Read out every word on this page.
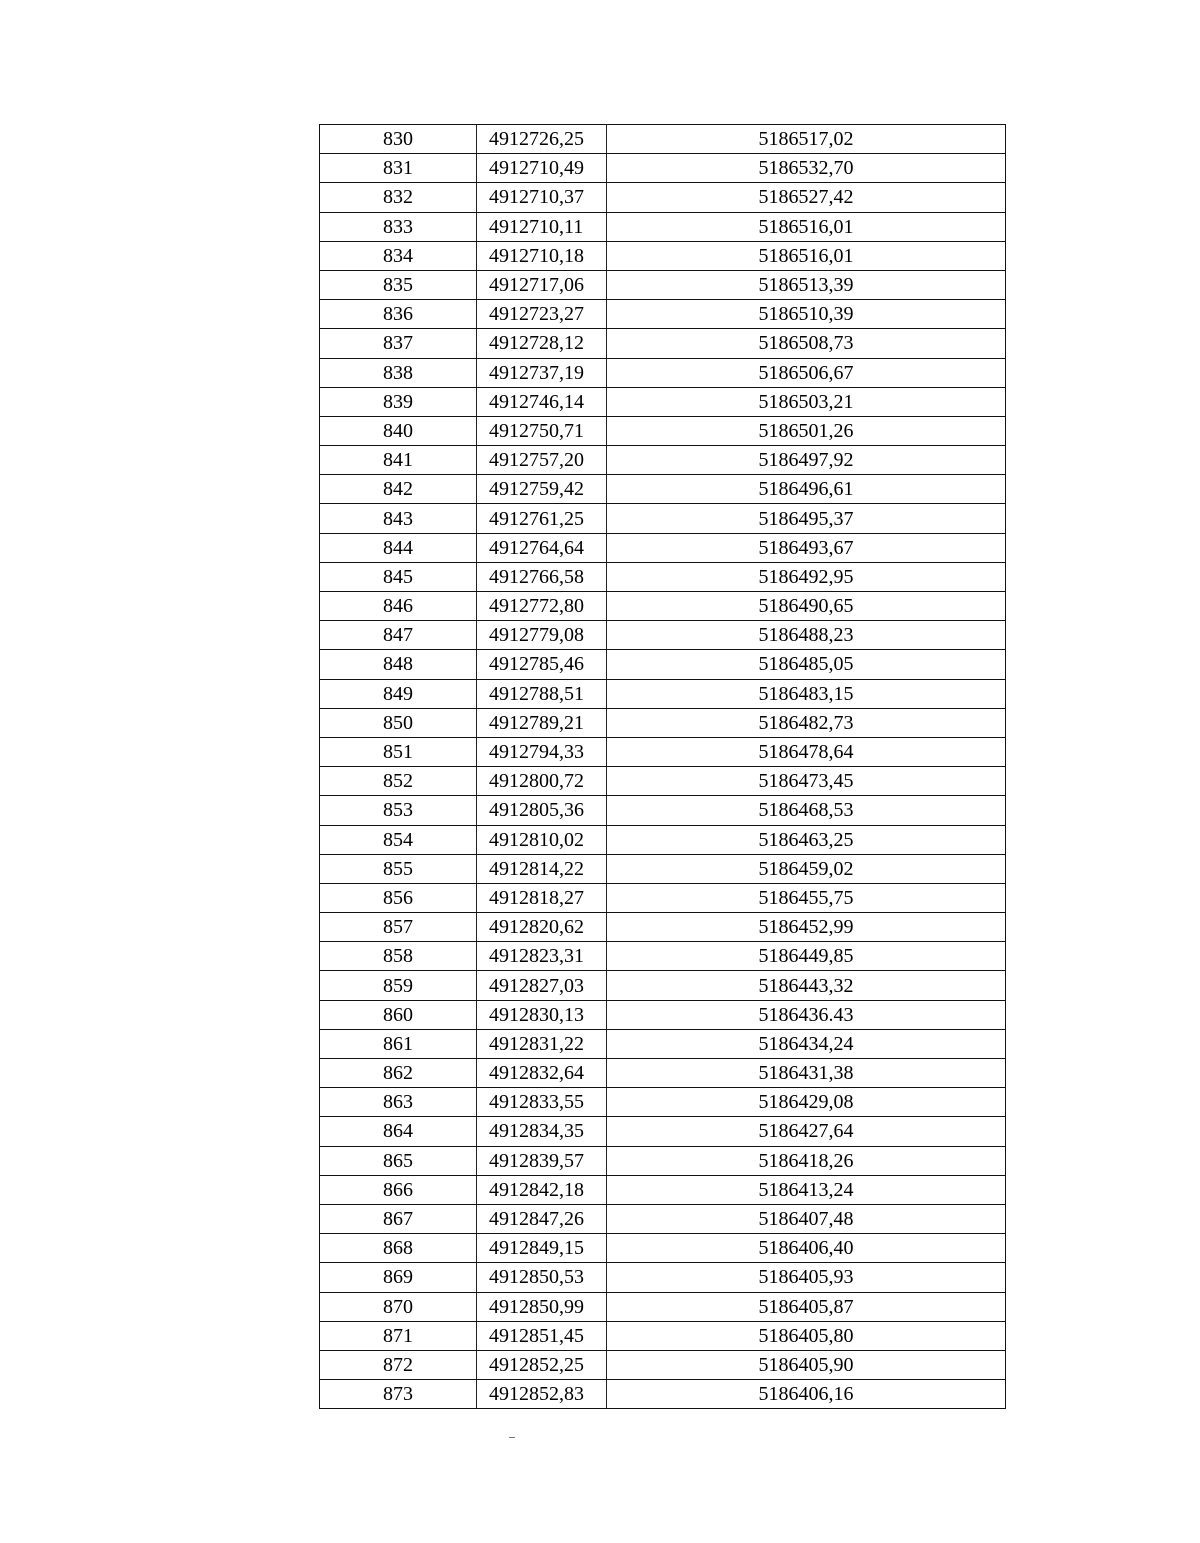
830	4912726,25	5186517,02
831	4912710,49	5186532,70
832	4912710,37	5186527,42
833	4912710,11	5186516,01
834	4912710,18	5186516,01
835	4912717,06	5186513,39
836	4912723,27	5186510,39
837	4912728,12	5186508,73
838	4912737,19	5186506,67
839	4912746,14	5186503,21
840	4912750,71	5186501,26
841	4912757,20	5186497,92
842	4912759,42	5186496,61
843	4912761,25	5186495,37
844	4912764,64	5186493,67
845	4912766,58	5186492,95
846	4912772,80	5186490,65
847	4912779,08	5186488,23
848	4912785,46	5186485,05
849	4912788,51	5186483,15
850	4912789,21	5186482,73
851	4912794,33	5186478,64
852	4912800,72	5186473,45
853	4912805,36	5186468,53
854	4912810,02	5186463,25
855	4912814,22	5186459,02
856	4912818,27	5186455,75
857	4912820,62	5186452,99
858	4912823,31	5186449,85
859	4912827,03	5186443,32
860	4912830,13	5186436.43
861	4912831,22	5186434,24
862	4912832,64	5186431,38
863	4912833,55	5186429,08
864	4912834,35	5186427,64
865	4912839,57	5186418,26
866	4912842,18	5186413,24
867	4912847,26	5186407,48
868	4912849,15	5186406,40
869	4912850,53	5186405,93
870	4912850,99	5186405,87
871	4912851,45	5186405,80
872	4912852,25	5186405,90
873	4912852,83	5186406,16
